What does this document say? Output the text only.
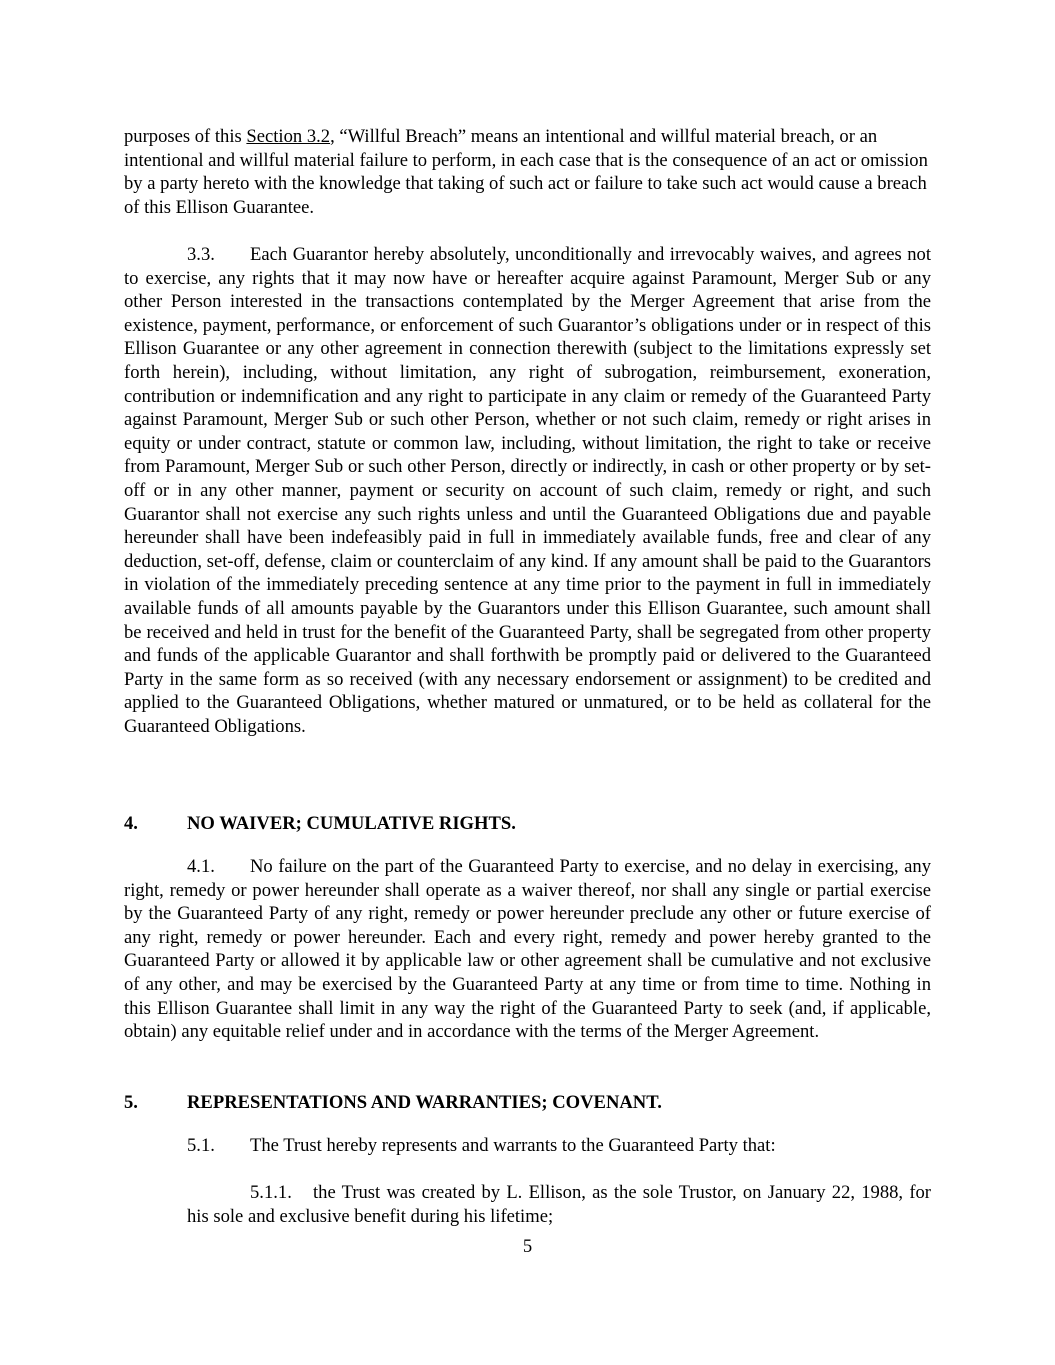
purposes of this Section 3.2, “Willful Breach” means an intentional and willful material breach, or an intentional and willful material failure to perform, in each case that is the consequence of an act or omission by a party hereto with the knowledge that taking of such act or failure to take such act would cause a breach of this Ellison Guarantee.

3.3. Each Guarantor hereby absolutely, unconditionally and irrevocably waives, and agrees not to exercise, any rights that it may now have or hereafter acquire against Paramount, Merger Sub or any other Person interested in the transactions contemplated by the Merger Agreement that arise from the existence, payment, performance, or enforcement of such Guarantor’s obligations under or in respect of this Ellison Guarantee or any other agreement in connection therewith (subject to the limitations expressly set forth herein), including, without limitation, any right of subrogation, reimbursement, exoneration, contribution or indemnification and any right to participate in any claim or remedy of the Guaranteed Party against Paramount, Merger Sub or such other Person, whether or not such claim, remedy or right arises in equity or under contract, statute or common law, including, without limitation, the right to take or receive from Paramount, Merger Sub or such other Person, directly or indirectly, in cash or other property or by set-off or in any other manner, payment or security on account of such claim, remedy or right, and such Guarantor shall not exercise any such rights unless and until the Guaranteed Obligations due and payable hereunder shall have been indefeasibly paid in full in immediately available funds, free and clear of any deduction, set-off, defense, claim or counterclaim of any kind. If any amount shall be paid to the Guarantors in violation of the immediately preceding sentence at any time prior to the payment in full in immediately available funds of all amounts payable by the Guarantors under this Ellison Guarantee, such amount shall be received and held in trust for the benefit of the Guaranteed Party, shall be segregated from other property and funds of the applicable Guarantor and shall forthwith be promptly paid or delivered to the Guaranteed Party in the same form as so received (with any necessary endorsement or assignment) to be credited and applied to the Guaranteed Obligations, whether matured or unmatured, or to be held as collateral for the Guaranteed Obligations.

4.	NO WAIVER; CUMULATIVE RIGHTS.

4.1. No failure on the part of the Guaranteed Party to exercise, and no delay in exercising, any right, remedy or power hereunder shall operate as a waiver thereof, nor shall any single or partial exercise by the Guaranteed Party of any right, remedy or power hereunder preclude any other or future exercise of any right, remedy or power hereunder. Each and every right, remedy and power hereby granted to the Guaranteed Party or allowed it by applicable law or other agreement shall be cumulative and not exclusive of any other, and may be exercised by the Guaranteed Party at any time or from time to time. Nothing in this Ellison Guarantee shall limit in any way the right of the Guaranteed Party to seek (and, if applicable, obtain) any equitable relief under and in accordance with the terms of the Merger Agreement.

5.	REPRESENTATIONS AND WARRANTIES; COVENANT.

5.1. The Trust hereby represents and warrants to the Guaranteed Party that:

5.1.1. the Trust was created by L. Ellison, as the sole Trustor, on January 22, 1988, for his sole and exclusive benefit during his lifetime;

5
